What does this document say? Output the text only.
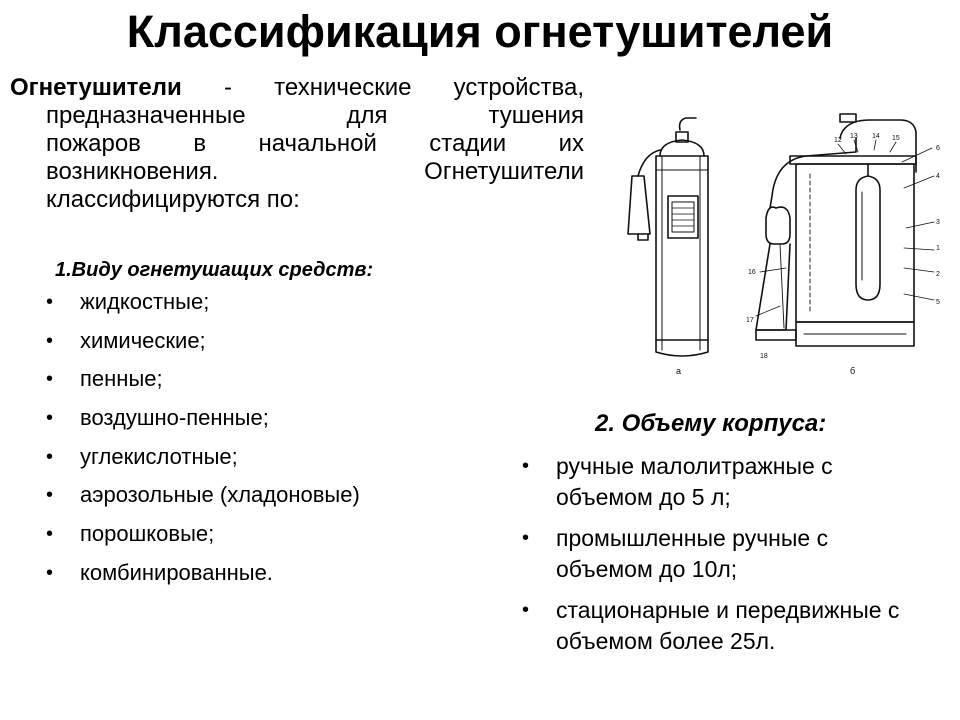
Классификация огнетушителей
Огнетушители - технические устройства,
предназначенные для тушения
пожаров в начальной стадии их
возникновения. Огнетушители
классифицируются по:
1.Виду огнетушащих средств:
• жидкостные;
• химические;
• пенные;
• воздушно-пенные;
• углекислотные;
• аэрозольные (хладоновые)
• порошковые;
• комбинированные.
2. Объему корпуса:
• ручные малолитражные с объемом до 5 л;
• промышленные ручные с объемом до 10л;
• стационарные и передвижные с объемом более 25л.
а
1
2
3
4
5
6
12
13 14 15
16
17
18
б
